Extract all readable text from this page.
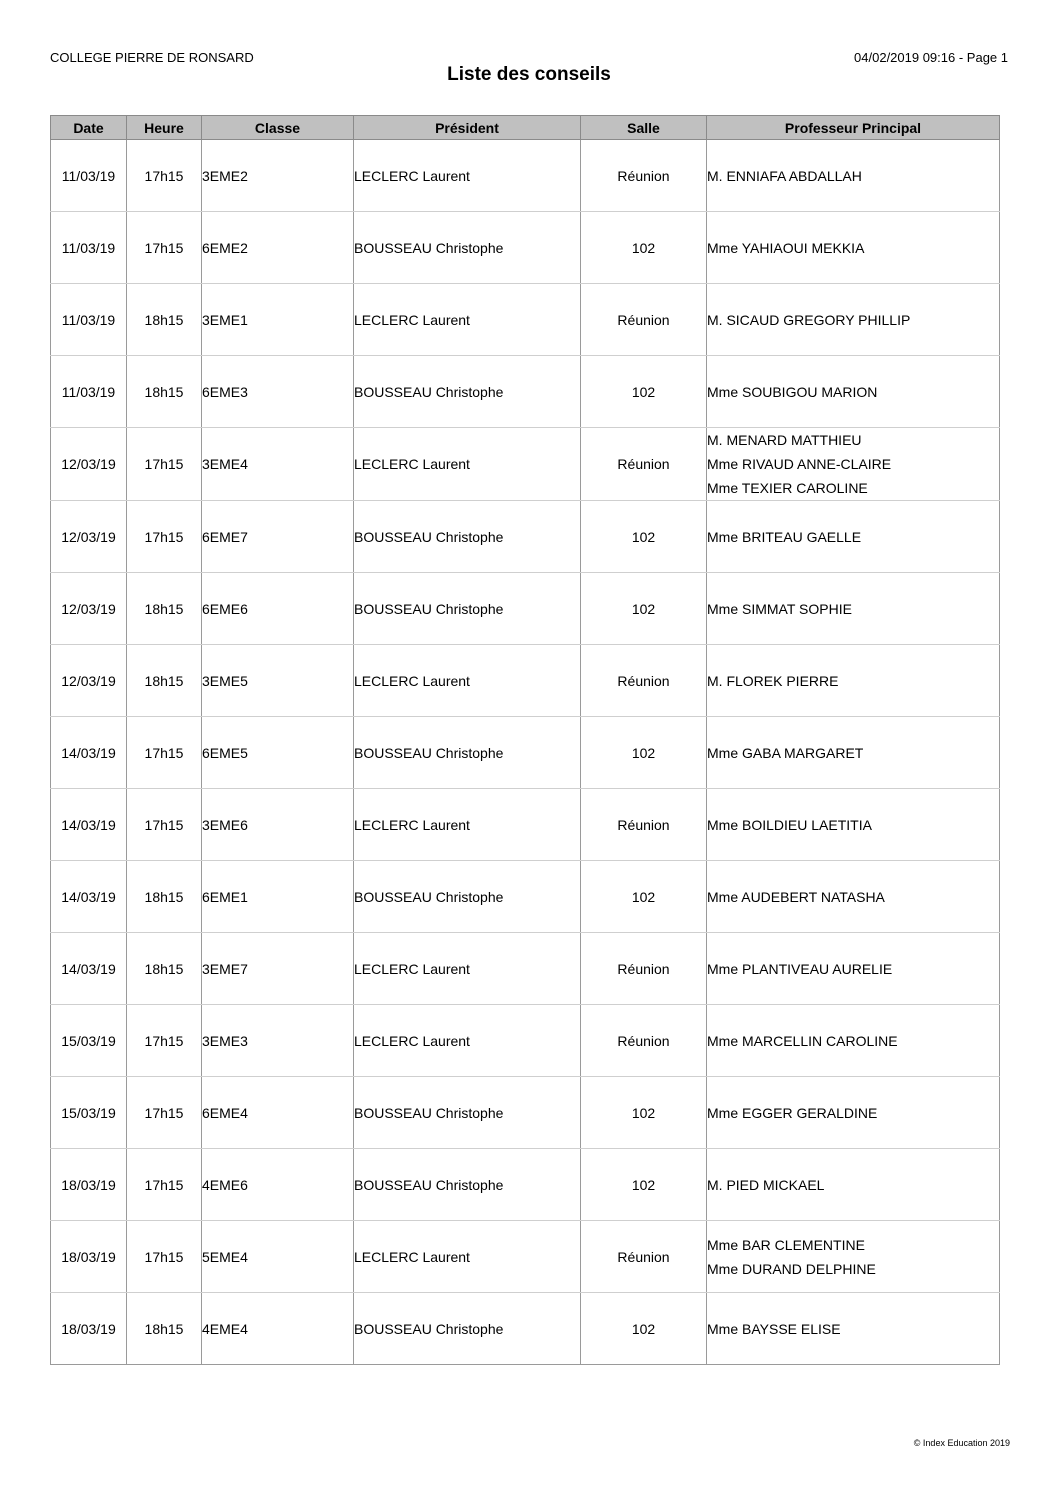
COLLEGE PIERRE DE RONSARD	04/02/2019 09:16 - Page 1
Liste des conseils
Date	Heure	Classe	Président	Salle	Professeur Principal
11/03/19	17h15	3EME2	LECLERC Laurent	Réunion	M. ENNIAFA ABDALLAH

11/03/19	17h15	6EME2	BOUSSEAU Christophe	102	Mme YAHIAOUI MEKKIA

11/03/19	18h15	3EME1	LECLERC Laurent	Réunion	M. SICAUD GREGORY PHILLIP

11/03/19	18h15	6EME3	BOUSSEAU Christophe	102	Mme SOUBIGOU MARION

12/03/19	17h15	3EME4	LECLERC Laurent	Réunion	M. MENARD MATTHIEU
Mme RIVAUD ANNE-CLAIRE
Mme TEXIER CAROLINE

12/03/19	17h15	6EME7	BOUSSEAU Christophe	102	Mme BRITEAU GAELLE

12/03/19	18h15	6EME6	BOUSSEAU Christophe	102	Mme SIMMAT SOPHIE

12/03/19	18h15	3EME5	LECLERC Laurent	Réunion	M. FLOREK PIERRE

14/03/19	17h15	6EME5	BOUSSEAU Christophe	102	Mme GABA MARGARET

14/03/19	17h15	3EME6	LECLERC Laurent	Réunion	Mme BOILDIEU LAETITIA

14/03/19	18h15	6EME1	BOUSSEAU Christophe	102	Mme AUDEBERT NATASHA

14/03/19	18h15	3EME7	LECLERC Laurent	Réunion	Mme PLANTIVEAU AURELIE

15/03/19	17h15	3EME3	LECLERC Laurent	Réunion	Mme MARCELLIN CAROLINE

15/03/19	17h15	6EME4	BOUSSEAU Christophe	102	Mme EGGER GERALDINE

18/03/19	17h15	4EME6	BOUSSEAU Christophe	102	M. PIED MICKAEL

18/03/19	17h15	5EME4	LECLERC Laurent	Réunion	Mme BAR CLEMENTINE
Mme DURAND DELPHINE

18/03/19	18h15	4EME4	BOUSSEAU Christophe	102	Mme BAYSSE ELISE
© Index Education 2019
